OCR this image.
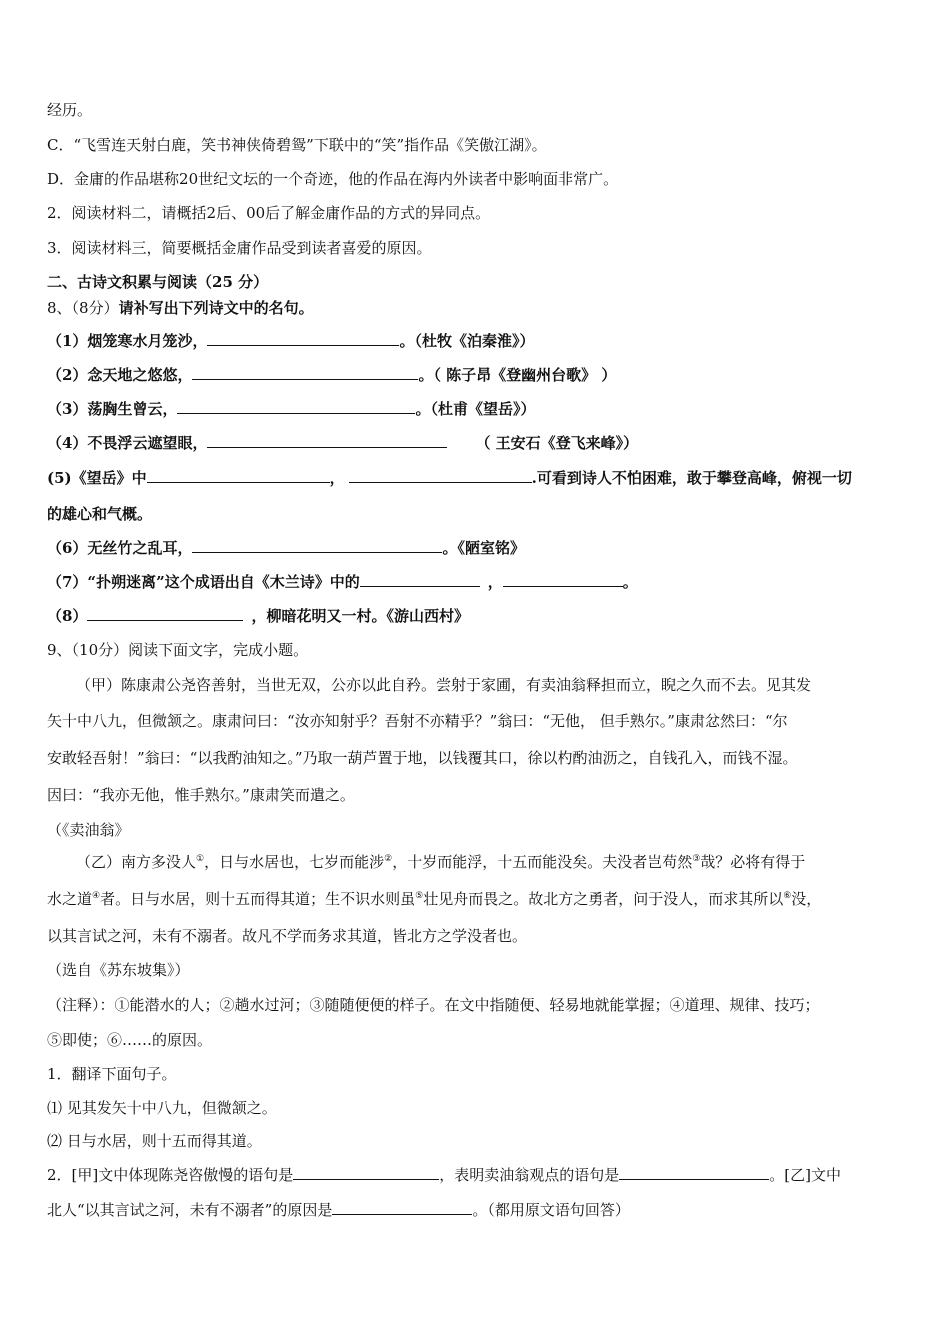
经历。
C．“飞雪连天射白鹿，笑书神侠倚碧鸳”下联中的“笑”指作品《笑傲江湖》。
D．金庸的作品堪称20世纪文坛的一个奇迹，他的作品在海内外读者中影响面非常广。
2．阅读材料二，请概括2后、00后了解金庸作品的方式的异同点。
3．阅读材料三，简要概括金庸作品受到读者喜爱的原因。
二、古诗文积累与阅读（25 分）
8、（8分）请补写出下列诗文中的名句。
（1）烟笼寒水月笼沙，	。（杜牧《泊秦淮》）
（2）念天地之悠悠，	。（ 陈子昂《登幽州台歌》 ）
（3）荡胸生曾云，	。（杜甫《望岳》）
（4）不畏浮云遮望眼，	（ 王安石《登飞来峰》）
(5)《望岳》中	，	.可看到诗人不怕困难，敢于攀登高峰，俯视一切
的雄心和气概。
（6）无丝竹之乱耳，	。《陋室铭》
（7）“扑朔迷离”这个成语出自《木兰诗》中的	，	。
（8）	，柳暗花明又一村。《游山西村》
9、（10分）阅读下面文字，完成小题。
（甲）陈康肃公尧咨善射，当世无双，公亦以此自矜。尝射于家圃，有卖油翁释担而立，睨之久而不去。见其发
矢十中八九，但微颔之。康肃问曰：“汝亦知射乎？吾射不亦精乎？”翁曰：“无他， 但手熟尔。”康肃忿然曰：“尔
安敢轻吾射！”翁曰：“以我酌油知之。”乃取一葫芦置于地，以钱覆其口，徐以杓酌油沥之，自钱孔入，而钱不湿。
因曰：“我亦无他，惟手熟尔。”康肃笑而遣之。
（《卖油翁》
（乙）南方多没人①，日与水居也，七岁而能涉②，十岁而能浮，十五而能没矣。夫没者岂苟然③哉？必将有得于
水之道④者。日与水居，则十五而得其道；生不识水则虽⑤壮见舟而畏之。故北方之勇者，问于没人，而求其所以⑥没，
以其言试之河，未有不溺者。故凡不学而务求其道，皆北方之学没者也。
（选自《苏东坡集》）
（注释）：①能潜水的人；②趟水过河；③随随便便的样子。在文中指随便、轻易地就能掌握；④道理、规律、技巧；
⑤即使；⑥……的原因。
1．翻译下面句子。
⑴ 见其发矢十中八九，但微颔之。
⑵ 日与水居，则十五而得其道。
2．[甲]文中体现陈尧咨傲慢的语句是	，表明卖油翁观点的语句是	。[乙]文中
北人“以其言试之河，未有不溺者”的原因是	。（都用原文语句回答）
